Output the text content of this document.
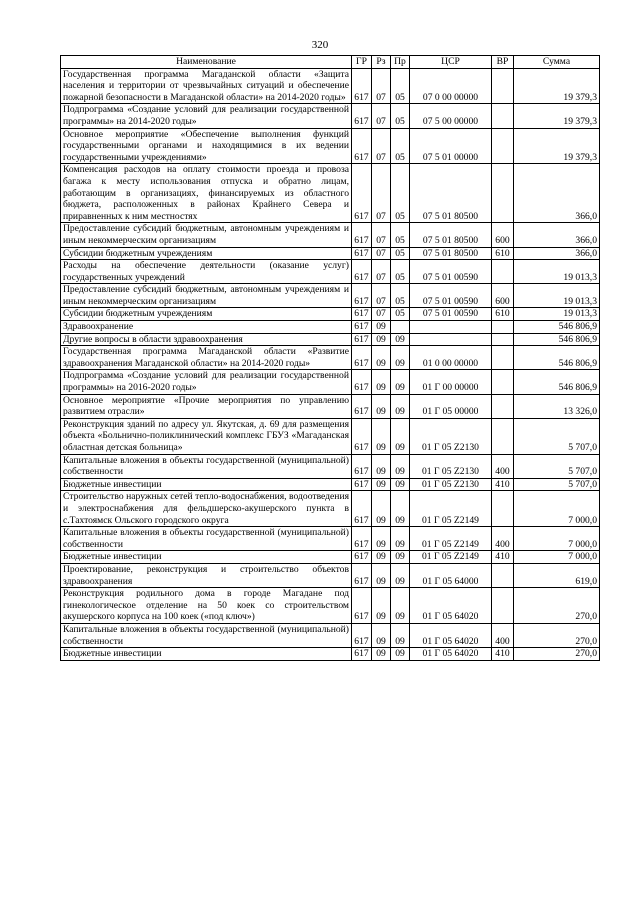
320
Наименование	ГР	Рз	Пр	ЦСР	ВР	Сумма
Государственная программа Магаданской области «Защита населения и территории от чрезвычайных ситуаций и обеспечение пожарной безопасности в Магаданской области» на 2014-2020 годы»	617	07	05	07 0 00 00000		19 379,3
Подпрограмма «Создание условий для реализации государственной программы» на 2014-2020 годы»	617	07	05	07 5 00 00000		19 379,3
Основное мероприятие «Обеспечение выполнения функций государственными органами и находящимися в их ведении государственными учреждениями»	617	07	05	07 5 01 00000		19 379,3
Компенсация расходов на оплату стоимости проезда и провоза багажа к месту использования отпуска и обратно лицам, работающим в организациях, финансируемых из областного бюджета, расположенных в районах Крайнего Севера и приравненных к ним местностях	617	07	05	07 5 01 80500		366,0
Предоставление субсидий бюджетным, автономным учреждениям и иным некоммерческим организациям	617	07	05	07 5 01 80500	600	366,0
Субсидии бюджетным учреждениям	617	07	05	07 5 01 80500	610	366,0
Расходы на обеспечение деятельности (оказание услуг) государственных учреждений	617	07	05	07 5 01 00590		19 013,3
Предоставление субсидий бюджетным, автономным учреждениям и иным некоммерческим организациям	617	07	05	07 5 01 00590	600	19 013,3
Субсидии бюджетным учреждениям	617	07	05	07 5 01 00590	610	19 013,3
Здравоохранение	617	09				546 806,9
Другие вопросы в области здравоохранения	617	09	09			546 806,9
Государственная программа Магаданской области «Развитие здравоохранения Магаданской области» на 2014-2020 годы»	617	09	09	01 0 00 00000		546 806,9
Подпрограмма «Создание условий для реализации государственной программы» на 2016-2020 годы»	617	09	09	01 Г 00 00000		546 806,9
Основное мероприятие «Прочие мероприятия по управлению развитием отрасли»	617	09	09	01 Г 05 00000		13 326,0
Реконструкция зданий по адресу ул. Якутская, д. 69 для размещения объекта «Больнично-поликлинический комплекс ГБУЗ «Магаданская областная детская больница»	617	09	09	01 Г 05 Z2130		5 707,0
Капитальные вложения в объекты государственной (муниципальной) собственности	617	09	09	01 Г 05 Z2130	400	5 707,0
Бюджетные инвестиции	617	09	09	01 Г 05 Z2130	410	5 707,0
Строительство наружных сетей тепло-водоснабжения, водоотведения и электроснабжения для фельдшерско-акушерского пункта в с.Тахтоямск Ольского городского округа	617	09	09	01 Г 05 Z2149		7 000,0
Капитальные вложения в объекты государственной (муниципальной) собственности	617	09	09	01 Г 05 Z2149	400	7 000,0
Бюджетные инвестиции	617	09	09	01 Г 05 Z2149	410	7 000,0
Проектирование, реконструкция и строительство объектов здравоохранения	617	09	09	01 Г 05 64000		619,0
Реконструкция родильного дома в городе Магадане под гинекологическое отделение на 50 коек со строительством акушерского корпуса на 100 коек («под ключ»)	617	09	09	01 Г 05 64020		270,0
Капитальные вложения в объекты государственной (муниципальной) собственности	617	09	09	01 Г 05 64020	400	270,0
Бюджетные инвестиции	617	09	09	01 Г 05 64020	410	270,0
